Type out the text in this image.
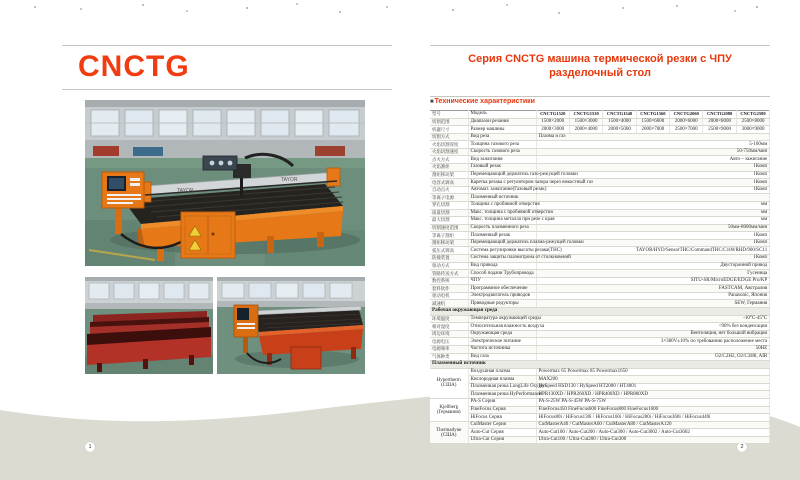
CNCTG
TAYOR
TAYOR
Серия CNCTG машина термической резки с ЧПУ
разделочный стол
■Технические характеристики
型号	Модель	CNCTG1520	CNCTG1530	CNCTG1540	CNCTG1560	CNCTG2060	CNCTG2080	CNCTG2580
切割范围	Диапазон резания	1500×2000	1500×3000	1500×4000	1500×6000	2000×6000	2000×8000	2500×8000
机器尺寸	Размер машины	2000×3000	2000×4000	2000×5000	2000×7000	2500×7000	2500×9000	3000×9000
切割方式	Вид реза	Плазма и газ						
火焰切割厚度	Толщина газового реза	5-100мм						
火焰切割速度	Скорость газового реза	50-750мм/мин						
点火方式	Вид зажигания	Авто－зажигание						
火焰割炬	Газовый резак	1Комп						
割炬移动架	Перемещающий держатель газо-режущей головки	1Комп						
电容式调高	Каретка резака с регулятором зазора через емкостный газ	1Комп						
自动点火	Автомат. зажигание(Газовый резак)	1Комп						
等离子电源	Плазменный источник							
穿孔切割	Толщина с пробивной отверстия	мм						
质量切割	Макс. толщина с пробивной отверстия	мм						
最大切割	Макс. толщина металла при резе с края	мм						
切割速度范围	Скорость плазменного реза	50мм-8000мм/мин						
等离子割炬	Плазменный резак	1Комп						
割炬移动架	Перемещающий держатель плазма-режущей головки	1Комп						
弧压式调高	Система регулировки высоты резака(THC)	TAYOR/HYD/SensorTHC/CommandTHC/C100/RHD/900/SC11						
防撞装置	Система защиты плазмотрона от столкновений	1Комп						
驱动方式	Вид привода	Двусторонний привод						
管路传送方式	Способ подачи Трубопровода	Гусеница						
数控系统	ЧПУ	SITU-SR/MicroEDGE/EDGE Pro/KP						
套料软件	Программное обеспечение	FASTCAM, Австралия						
驱动电机	Электродвигатель приводов	Panasonic, Япония						
减速机	Приводные редукторы	SEW, Германия						
Рабочая окружающая среда								
环境温度	Температура окружающей среды	-10°C-45°C						
相对湿度	Относительная влажность воздуха	<90% без конденсации						
周边环境	Окружающая среда	Вентиляция, нет большой вибрации						
电源电压	Электрическое питание	3×380V±10% по требованию расположение места						
电源频率	Частота источника	50HZ						
气体种类	Вид газа	O2/C2H2, O2/C3H8, AIR						
Плазменный источник								
Hypertherm (США)	Воздушная плазма	Powermax 65 Powermax 85 Powermax1650						
	Кислородная плазма	MAX200						
	Плазменная резка LongLife Oxygen	HySpeed HSD130 / HySpeed HT2000 / HT4001						
	Плазменная резка HyPerformance	HPR130XD / HPR260XD / HPR400XD / HPR800XD						
Kjellberg (Германия)	PA-S Серия	PA-S-25W PA-S-45W PA-S-75W						
	FineFocus Серия	FineFocus450 FineFocus600 FineFocus800 FineFocus1600						
	HiFocus Серия	HiFocus80i / HiFocus130i / HiFocus160i / HiFocus280i / HiFocus360i / HiFocus440i						
Thermadyne (США)	CutMaster Серия	CutMasterA40 / CutMasterA60 / CutMasterA80 / CutMasterA120						
	Auto-Cut Серия	Auto-Cut100 / Auto-Cut200 / Auto-Cut300 / Auto-Cut3002 / Auto-Cut3602						
	Ultra-Cut Серия	Ultra-Cut100 / Ultra-Cut200 / Ultra-Cut300						
1	2
